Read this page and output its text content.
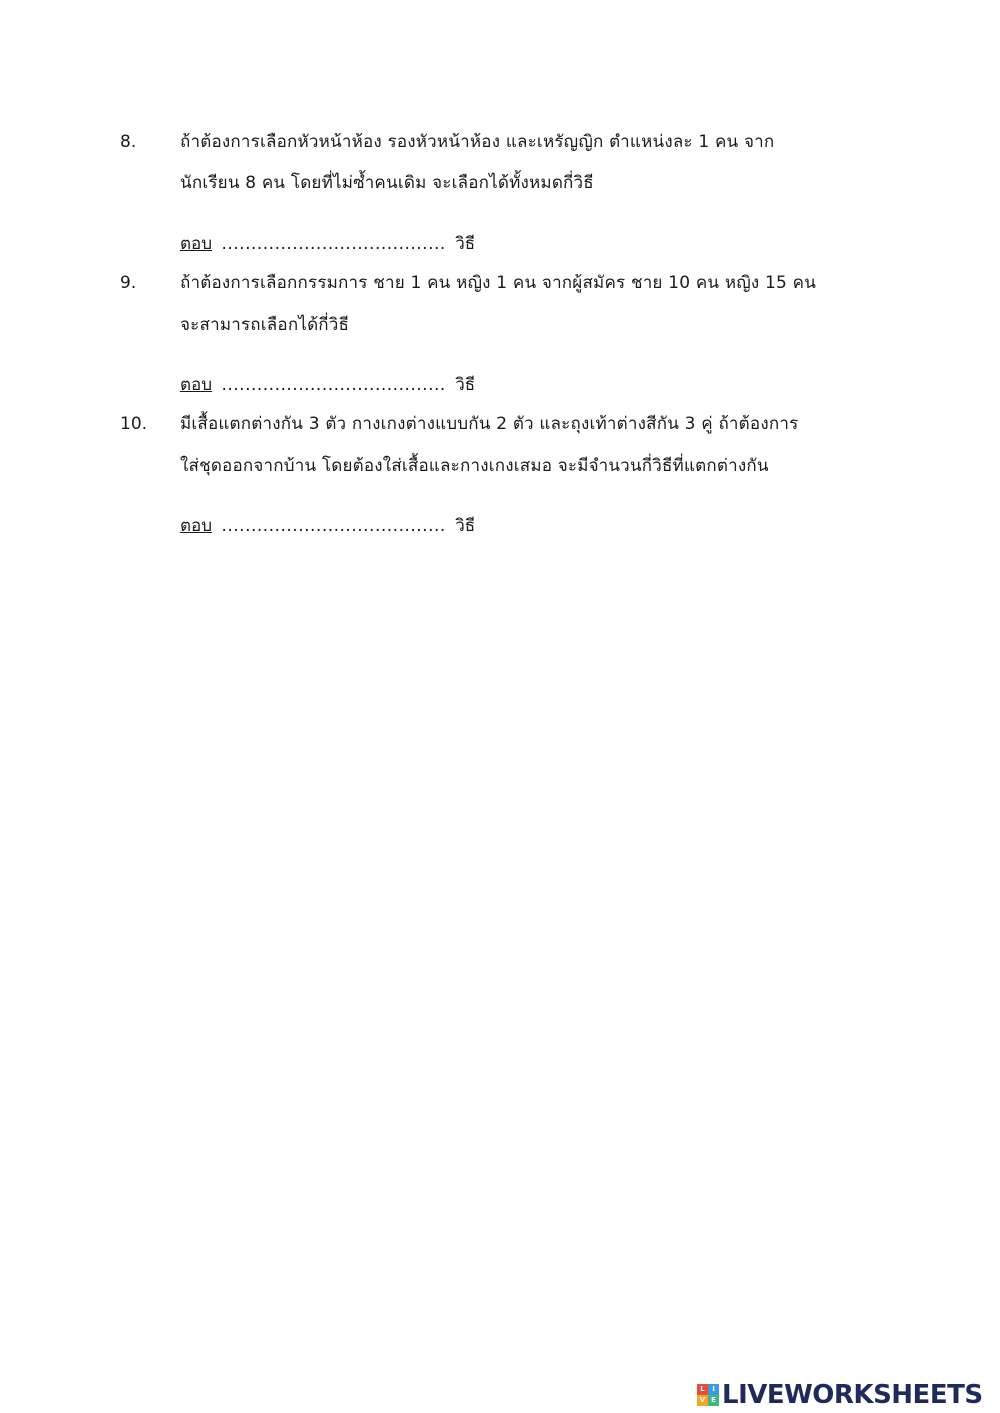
8.	ถ้าต้องการเลือกหัวหน้าห้อง รองหัวหน้าห้อง และเหรัญญิก ตำแหน่งละ 1 คน จาก
นักเรียน 8 คน โดยที่ไม่ซ้ำคนเดิม จะเลือกได้ทั้งหมดกี่วิธี
ตอบ ...................................... วิธี
9.	ถ้าต้องการเลือกกรรมการ ชาย 1 คน หญิง 1 คน จากผู้สมัคร ชาย 10 คน หญิง 15 คน
จะสามารถเลือกได้กี่วิธี
ตอบ ...................................... วิธี
10. มีเสื้อแตกต่างกัน 3 ตัว กางเกงต่างแบบกัน 2 ตัว และถุงเท้าต่างสีกัน 3 คู่ ถ้าต้องการ
ใส่ชุดออกจากบ้าน โดยต้องใส่เสื้อและกางเกงเสมอ จะมีจำนวนกี่วิธีที่แตกต่างกัน
ตอบ ...................................... วิธี
L	I
V E LIVEWORKSHEETS
